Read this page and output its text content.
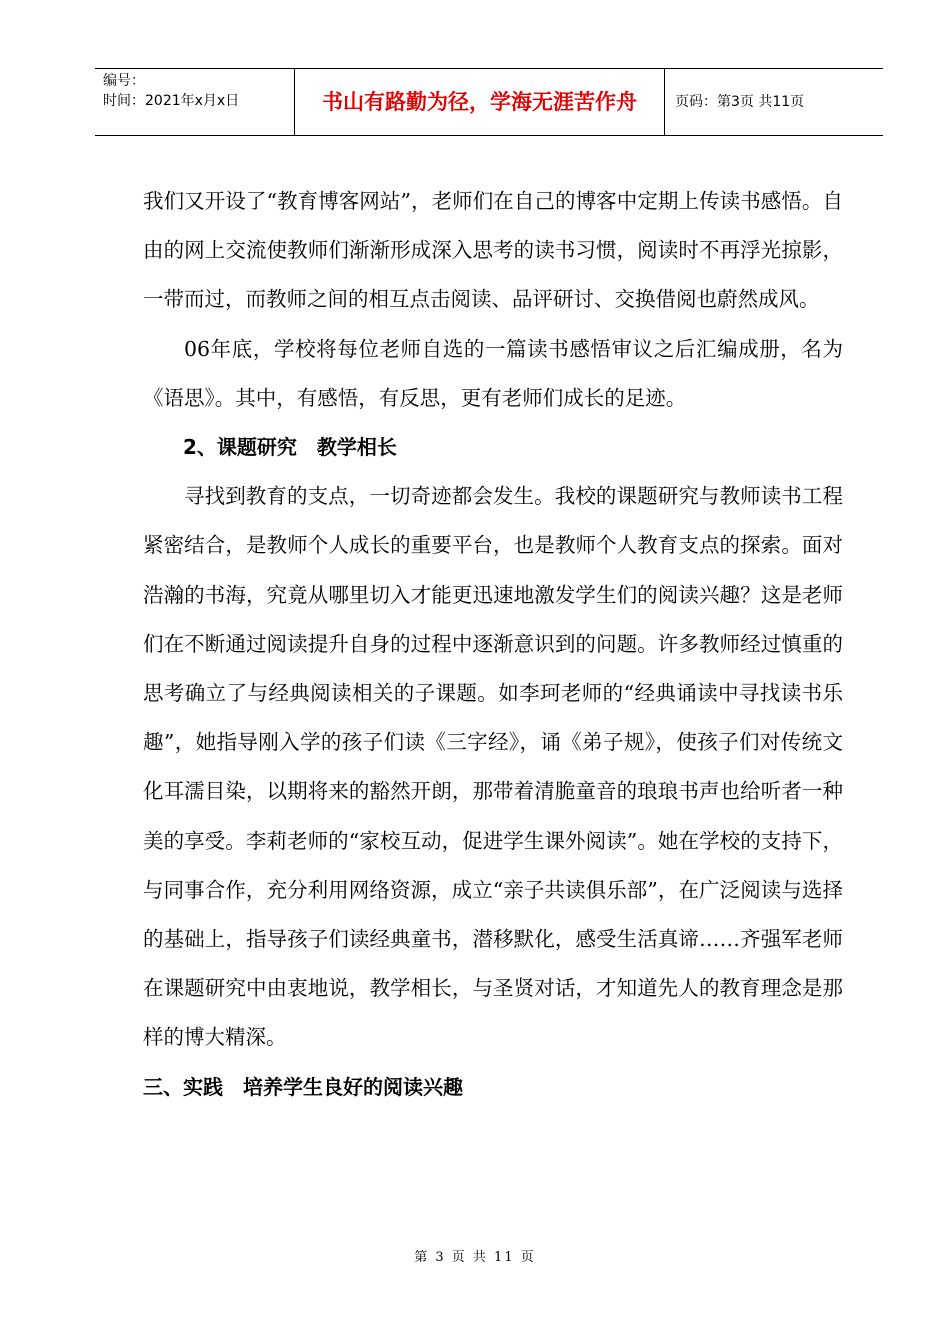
编号：
时间：2021年x月x日	书山有路勤为径，学海无涯苦作舟	页码：第3页 共11页

我们又开设了“教育博客网站”，老师们在自己的博客中定期上传读书感悟。自由的网上交流使教师们渐渐形成深入思考的读书习惯，阅读时不再浮光掠影，一带而过，而教师之间的相互点击阅读、品评研讨、交换借阅也蔚然成风。

06年底，学校将每位老师自选的一篇读书感悟审议之后汇编成册，名为《语思》。其中，有感悟，有反思，更有老师们成长的足迹。

2、课题研究　教学相长

寻找到教育的支点，一切奇迹都会发生。我校的课题研究与教师读书工程紧密结合，是教师个人成长的重要平台，也是教师个人教育支点的探索。面对浩瀚的书海，究竟从哪里切入才能更迅速地激发学生们的阅读兴趣？这是老师们在不断通过阅读提升自身的过程中逐渐意识到的问题。许多教师经过慎重的思考确立了与经典阅读相关的子课题。如李珂老师的“经典诵读中寻找读书乐趣”，她指导刚入学的孩子们读《三字经》，诵《弟子规》，使孩子们对传统文化耳濡目染，以期将来的豁然开朗，那带着清脆童音的琅琅书声也给听者一种美的享受。李莉老师的“家校互动，促进学生课外阅读”。她在学校的支持下，与同事合作，充分利用网络资源，成立“亲子共读俱乐部”，在广泛阅读与选择的基础上，指导孩子们读经典童书，潜移默化，感受生活真谛……齐强军老师在课题研究中由衷地说，教学相长，与圣贤对话，才知道先人的教育理念是那样的博大精深。

三、实践　培养学生良好的阅读兴趣

第 3 页 共 11 页
